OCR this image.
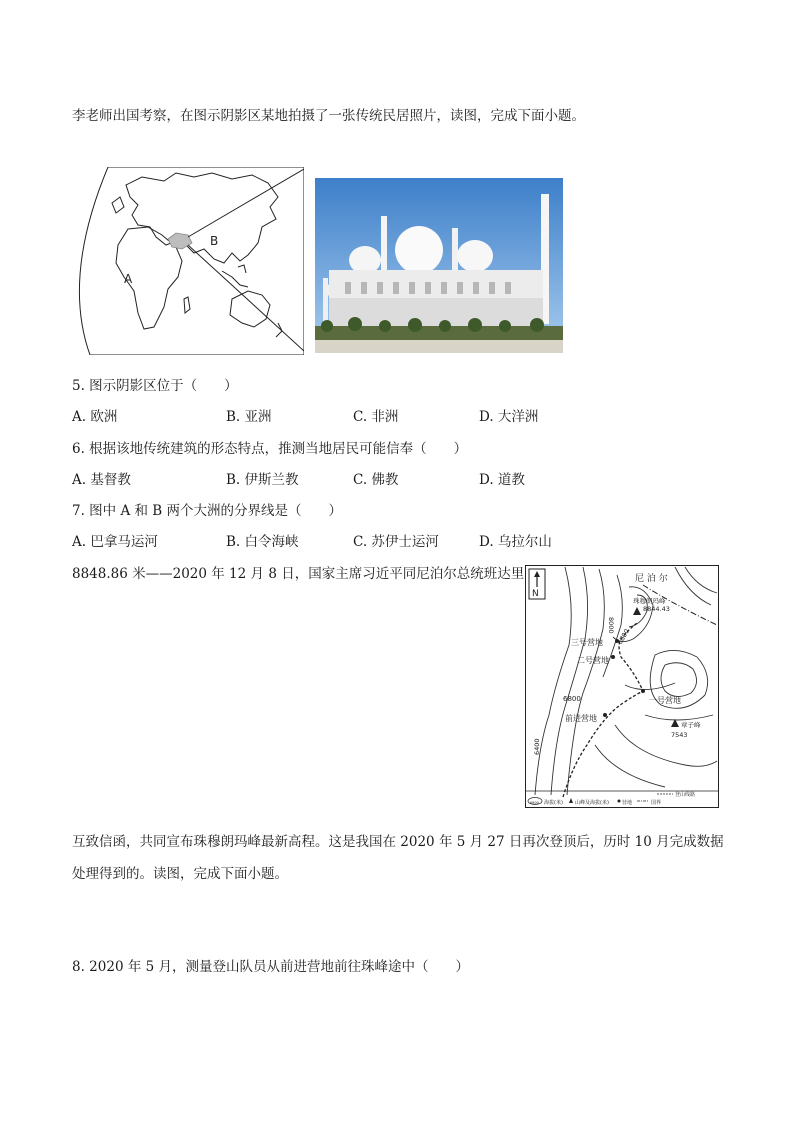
李老师出国考察，在图示阴影区某地拍摄了一张传统民居照片，读图，完成下面小题。
A
B
5. 图示阴影区位于（　　）
A. 欧洲	B. 亚洲	C. 非洲	D. 大洋洲
6. 根据该地传统建筑的形态特点，推测当地居民可能信奉（　　）
A. 基督教	B. 伊斯兰教	C. 佛教	D. 道教
7. 图中 A 和 B 两个大洲的分界线是（　　）
A. 巴拿马运河	B. 白令海峡	C. 苏伊士运河	D. 乌拉尔山
8848.86 米——2020 年 12 月 8 日，国家主席习近平同尼泊尔总统班达里
N
尼 泊 尔
珠穆朗玛峰
8844.43
三号营地
二号营地
一号营地
前进营地
章子峰
7543
8000
6800
6800
6400
6800 海拔(米) 山峰及海拔(米)	营地	国界
登山线路
互致信函，共同宣布珠穆朗玛峰最新高程。这是我国在 2020 年 5 月 27 日再次登顶后，历时 10 月完成数据
处理得到的。读图，完成下面小题。
8. 2020 年 5 月，测量登山队员从前进营地前往珠峰途中（　　）
